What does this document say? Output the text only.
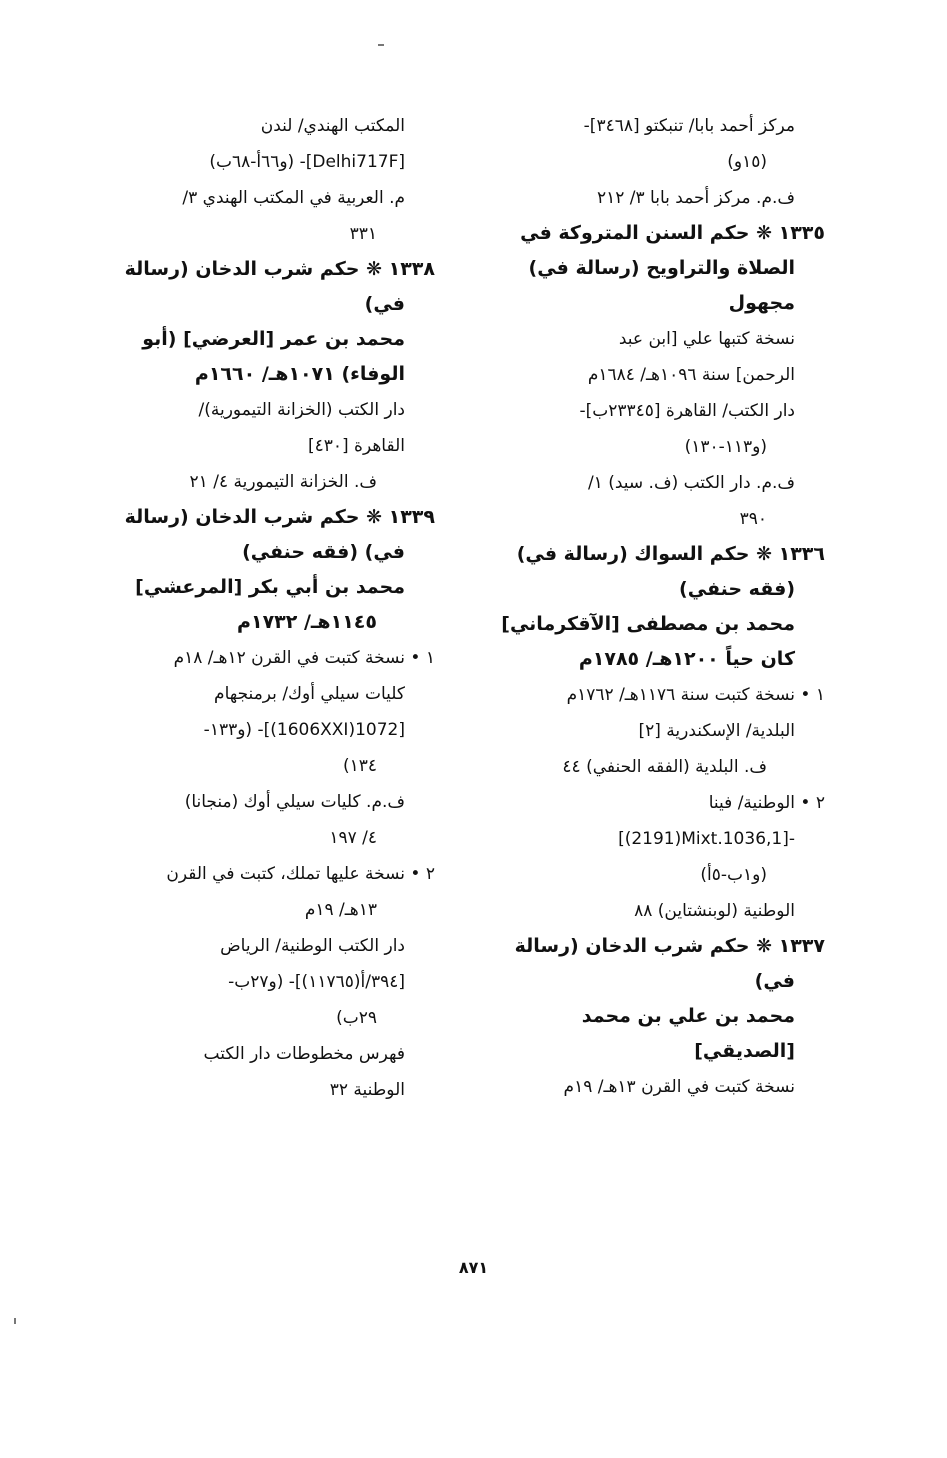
مركز أحمد بابا/ تنبكتو [٣٤٦٨]-
(١٥و)
ف.م. مركز أحمد بابا ٣/ ٢١٢
١٣٣٥ ❋ حكم السنن المتروكة في
الصلاة والتراويح (رسالة في)
مجهول
نسخة كتبها علي [ابن عبد
الرحمن] سنة ١٠٩٦هـ/ ١٦٨٤م
دار الكتب/ القاهرة [٢٣٣٤٥ب]-
(و١١٣-١٣٠)
ف.م. دار الكتب (ف. سيد) ١/
٣٩٠
١٣٣٦ ❋ حكم السواك (رسالة في)
(فقه حنفي)
محمد بن مصطفى [الآقكرماني]
كان حياً ١٢٠٠هـ/ ١٧٨٥م
١ • نسخة كتبت سنة ١١٧٦هـ/ ١٧٦٢م
البلدية/ الإسكندرية [٢]
ف. البلدية (الفقه الحنفي) ٤٤
٢ • الوطنية/ فينا
[(2191)Mixt.1036,1]-
(و١ب-٥أ)
الوطنية (لوبنشتاين) ٨٨
١٣٣٧ ❋ حكم شرب الدخان (رسالة
في)
محمد بن علي بن محمد
[الصديقي]
نسخة كتبت في القرن ١٣هـ/ ١٩م
المكتب الهندي/ لندن
[Delhi717F]- (و٦٦أ-٦٨ب)
م. العربية في المكتب الهندي ٣/
٣٣١
١٣٣٨ ❋ حكم شرب الدخان (رسالة
في)
محمد بن عمر [العرضي] (أبو
الوفاء) ١٠٧١هـ/ ١٦٦٠م
دار الكتب (الخزانة التيمورية)/
القاهرة [٤٣٠]
ف. الخزانة التيمورية ٤/ ٢١
١٣٣٩ ❋ حكم شرب الدخان (رسالة
في) (فقه حنفي)
محمد بن أبي بكر [المرعشي]
١١٤٥هـ/ ١٧٣٢م
١ • نسخة كتبت في القرن ١٢هـ/ ١٨م
كليات سيلي أوك/ برمنجهام
[1072(1606XXI)]- (و١٣٣-
١٣٤)
ف.م. كليات سيلي أوك (منجانا)
٤/ ١٩٧
٢ • نسخة عليها تملك، كتبت في القرن
١٣هـ/ ١٩م
دار الكتب الوطنية/ الرياض
[٣٩٤/أ(١١٧٦٥)]- (و٢٧ب-
٢٩ب)
فهرس مخطوطات دار الكتب
الوطنية ٣٢
٨٧١
